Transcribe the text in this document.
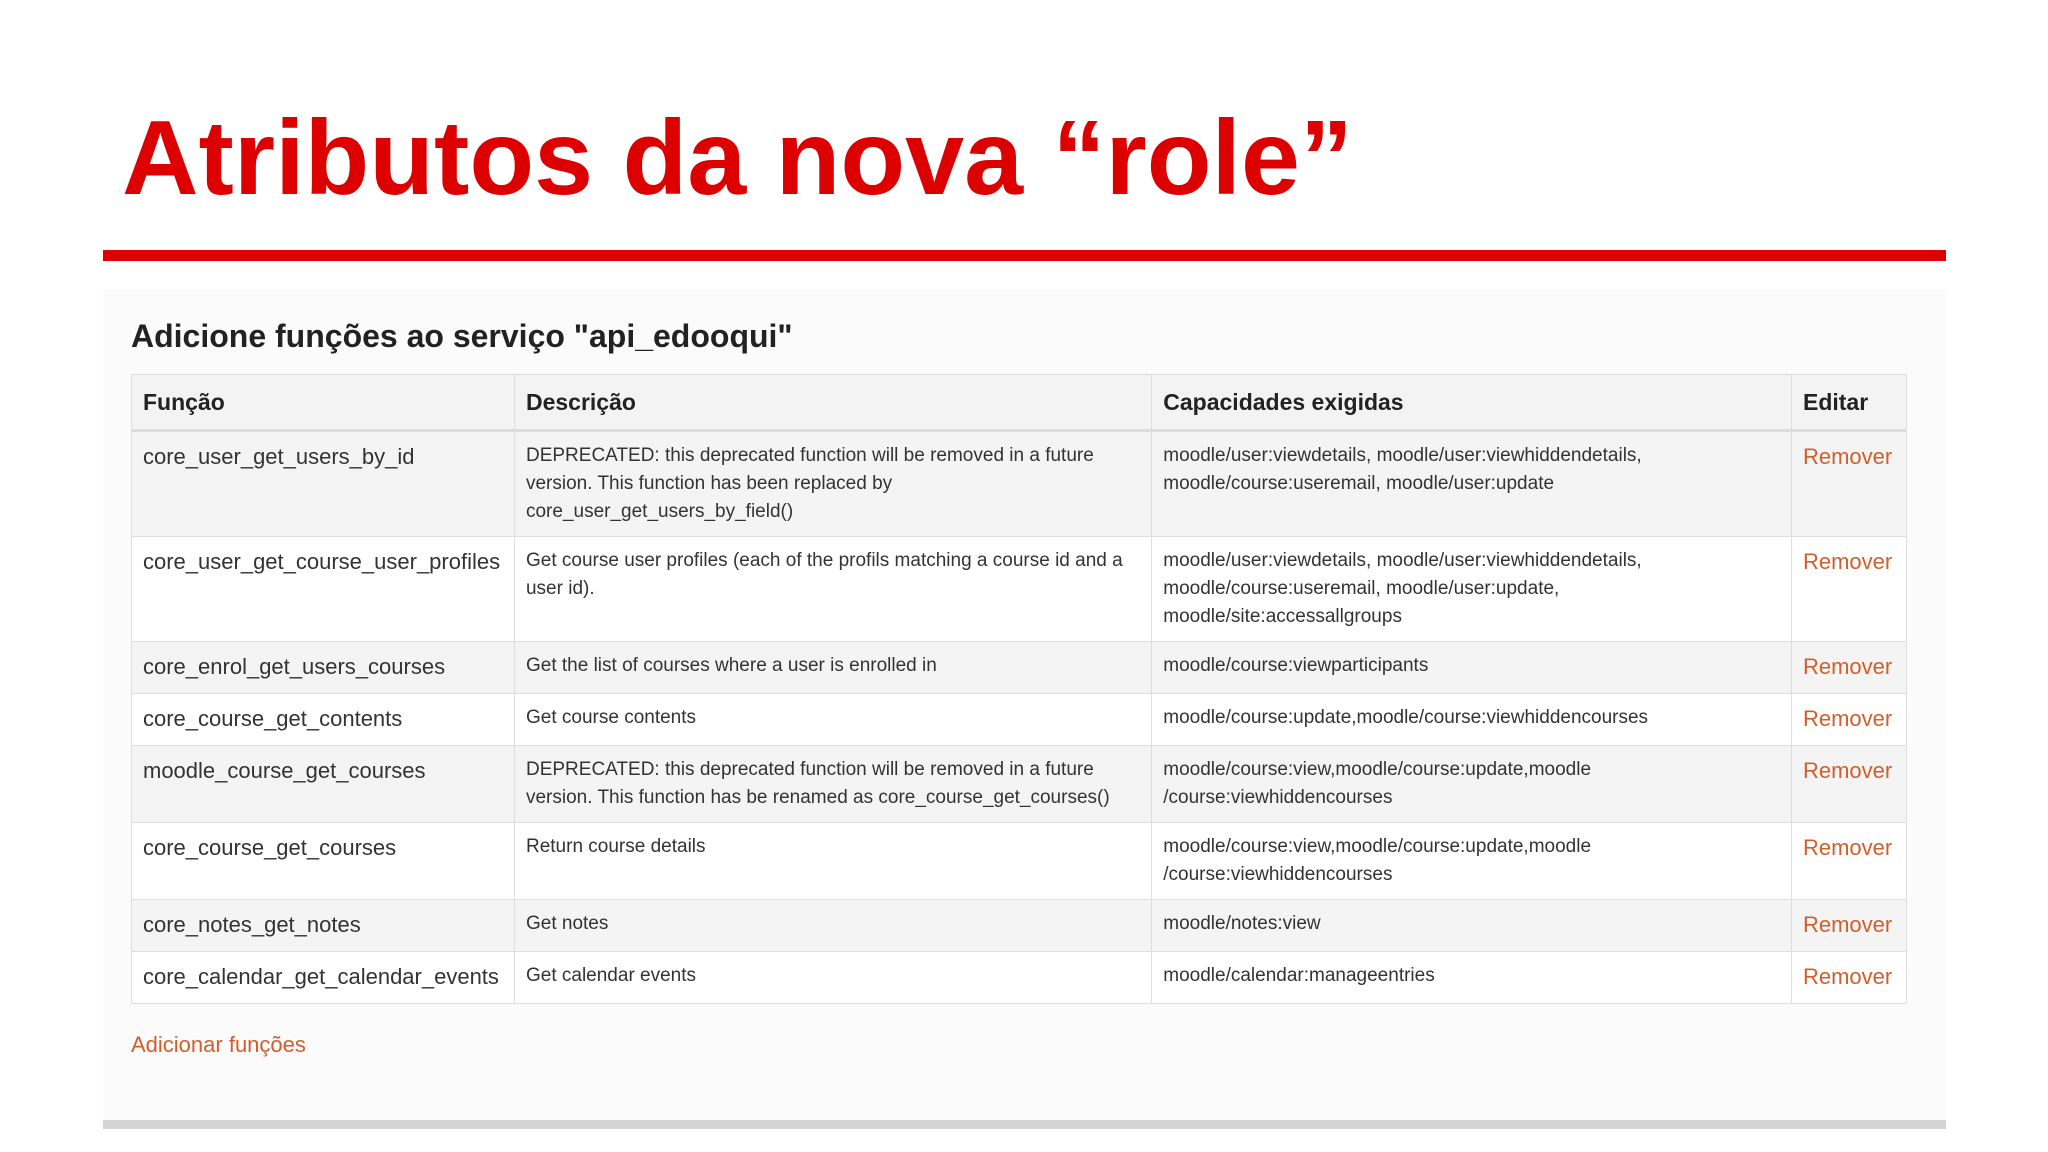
Atributos da nova “role”
Adicione funções ao serviço "api_edooqui"
Função	Descrição	Capacidades exigidas	Editar
core_user_get_users_by_id	DEPRECATED: this deprecated function will be removed in a future version. This function has been replaced by core_user_get_users_by_field()	moodle/user:viewdetails, moodle/user:viewhiddendetails, moodle/course:useremail, moodle/user:update	Remover
core_user_get_course_user_profiles	Get course user profiles (each of the profils matching a course id and a user id).	moodle/user:viewdetails, moodle/user:viewhiddendetails, moodle/course:useremail, moodle/user:update, moodle/site:accessallgroups	Remover
core_enrol_get_users_courses	Get the list of courses where a user is enrolled in	moodle/course:viewparticipants	Remover
core_course_get_contents	Get course contents	moodle/course:update,moodle/course:viewhiddencourses	Remover
moodle_course_get_courses	DEPRECATED: this deprecated function will be removed in a future version. This function has be renamed as core_course_get_courses()	moodle/course:view,moodle/course:update,moodle /course:viewhiddencourses	Remover
core_course_get_courses	Return course details	moodle/course:view,moodle/course:update,moodle /course:viewhiddencourses	Remover
core_notes_get_notes	Get notes	moodle/notes:view	Remover
core_calendar_get_calendar_events	Get calendar events	moodle/calendar:manageentries	Remover
Adicionar funções
